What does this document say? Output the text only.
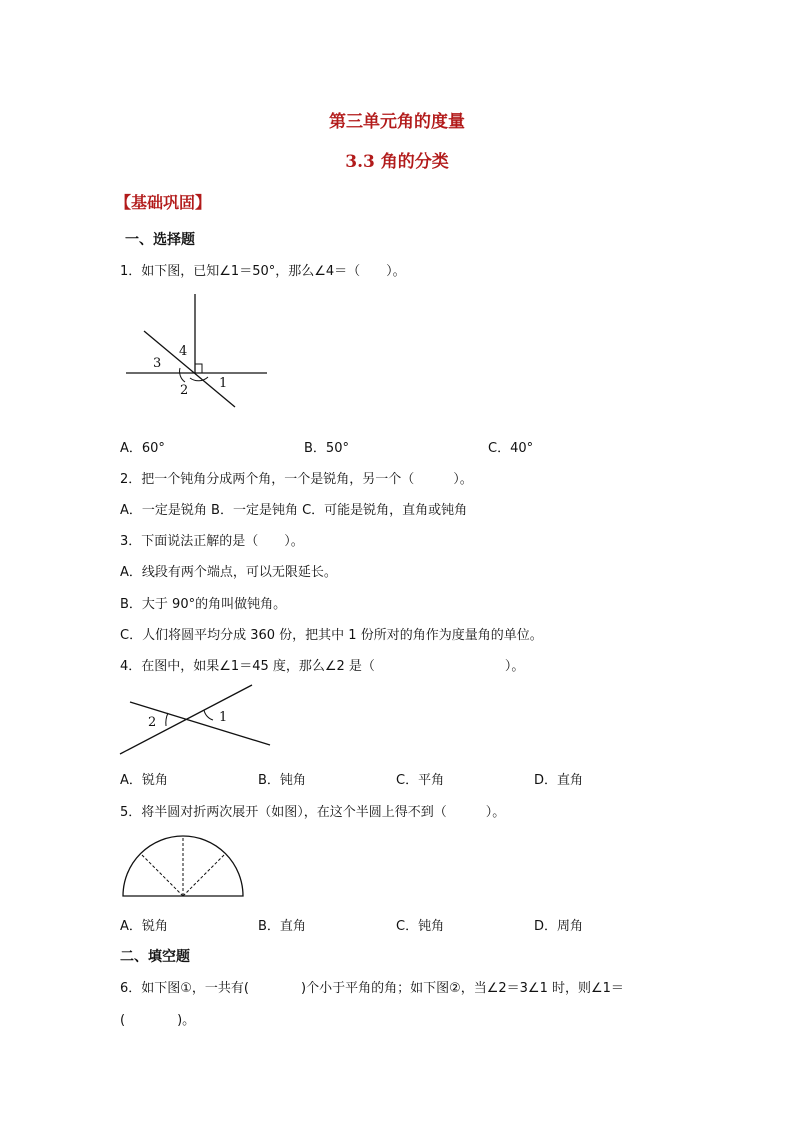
第三单元角的度量
3.3 角的分类
【基础巩固】
一、选择题
1．如下图，已知∠1＝50°，那么∠4＝（　　）。
4
3
2 1
A．60°	B．50°	C．40°
2．把一个钝角分成两个角，一个是锐角，另一个（　　　）。
A．一定是锐角 B．一定是钝角 C．可能是锐角，直角或钝角
3．下面说法正解的是（　　）。
A．线段有两个端点，可以无限延长。
B．大于 90°的角叫做钝角。
C．人们将圆平均分成 360 份，把其中 1 份所对的角作为度量角的单位。
4．在图中，如果∠1＝45 度，那么∠2 是（　　　　　　　　　　）。
2	1
A．锐角	B．钝角	C．平角	D．直角
5．将半圆对折两次展开（如图），在这个半圆上得不到（　　　）。
A．锐角	B．直角	C．钝角	D．周角
二、填空题
6．如下图①，一共有(　　　　)个小于平角的角；如下图②，当∠2＝3∠1 时，则∠1＝
(　　　　)。
